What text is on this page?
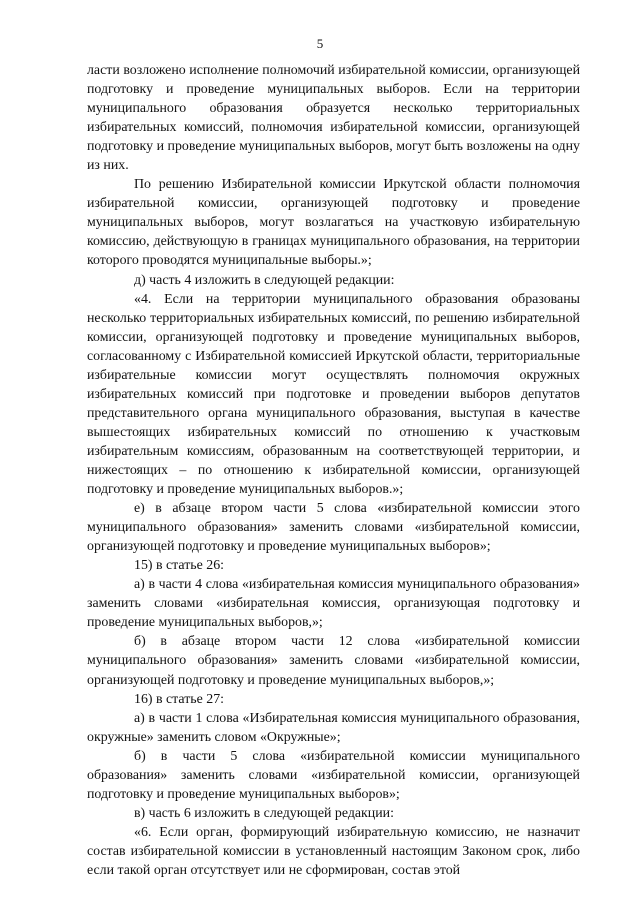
5

ласти возложено исполнение полномочий избирательной комиссии, организующей подготовку и проведение муниципальных выборов. Если на территории муниципального образования образуется несколько территориальных избирательных комиссий, полномочия избирательной комиссии, организующей подготовку и проведение муниципальных выборов, могут быть возложены на одну из них.

По решению Избирательной комиссии Иркутской области полномочия избирательной комиссии, организующей подготовку и проведение муниципальных выборов, могут возлагаться на участковую избирательную комиссию, действующую в границах муниципального образования, на территории которого проводятся муниципальные выборы.»;

д) часть 4 изложить в следующей редакции:

«4. Если на территории муниципального образования образованы несколько территориальных избирательных комиссий, по решению избирательной комиссии, организующей подготовку и проведение муниципальных выборов, согласованному с Избирательной комиссией Иркутской области, территориальные избирательные комиссии могут осуществлять полномочия окружных избирательных комиссий при подготовке и проведении выборов депутатов представительного органа муниципального образования, выступая в качестве вышестоящих избирательных комиссий по отношению к участковым избирательным комиссиям, образованным на соответствующей территории, и нижестоящих – по отношению к избирательной комиссии, организующей подготовку и проведение муниципальных выборов.»;

е) в абзаце втором части 5 слова «избирательной комиссии этого муниципального образования» заменить словами «избирательной комиссии, организующей подготовку и проведение муниципальных выборов»;

15) в статье 26:

а) в части 4 слова «избирательная комиссия муниципального образования» заменить словами «избирательная комиссия, организующая подготовку и проведение муниципальных выборов,»;

б) в абзаце втором части 12 слова «избирательной комиссии муниципального образования» заменить словами «избирательной комиссии, организующей подготовку и проведение муниципальных выборов,»;

16) в статье 27:

а) в части 1 слова «Избирательная комиссия муниципального образования, окружные» заменить словом «Окружные»;

б) в части 5 слова «избирательной комиссии муниципального образования» заменить словами «избирательной комиссии, организующей подготовку и проведение муниципальных выборов»;

в) часть 6 изложить в следующей редакции:

«6. Если орган, формирующий избирательную комиссию, не назначит состав избирательной комиссии в установленный настоящим Законом срок, либо если такой орган отсутствует или не сформирован, состав этой
